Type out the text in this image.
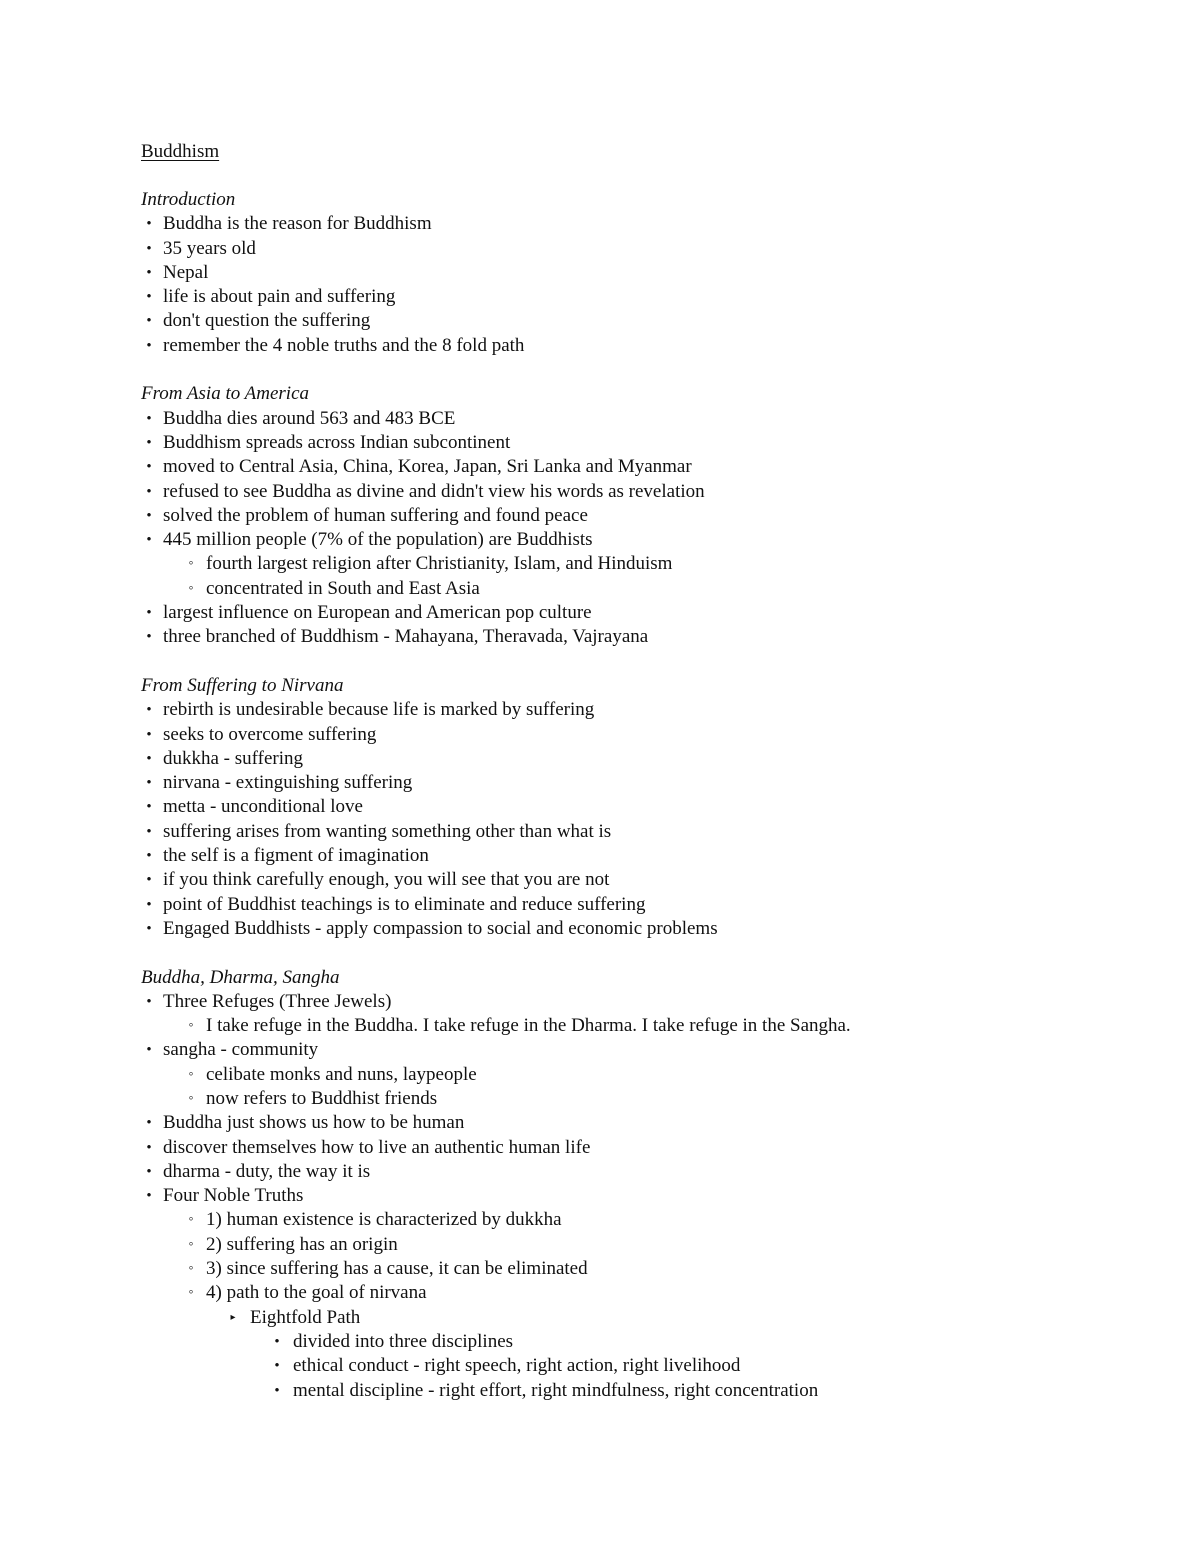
Buddhism
Introduction
• Buddha is the reason for Buddhism
• 35 years old
• Nepal
• life is about pain and suffering
• don't question the suffering
• remember the 4 noble truths and the 8 fold path
From Asia to America
• Buddha dies around 563 and 483 BCE
• Buddhism spreads across Indian subcontinent
• moved to Central Asia, China, Korea, Japan, Sri Lanka and Myanmar
• refused to see Buddha as divine and didn't view his words as revelation
• solved the problem of human suffering and found peace
• 445 million people (7% of the population) are Buddhists
◦ fourth largest religion after Christianity, Islam, and Hinduism
◦ concentrated in South and East Asia
• largest influence on European and American pop culture
• three branched of Buddhism - Mahayana, Theravada, Vajrayana
From Suffering to Nirvana
• rebirth is undesirable because life is marked by suffering
• seeks to overcome suffering
• dukkha - suffering
• nirvana - extinguishing suffering
• metta - unconditional love
• suffering arises from wanting something other than what is
• the self is a figment of imagination
• if you think carefully enough, you will see that you are not
• point of Buddhist teachings is to eliminate and reduce suffering
• Engaged Buddhists - apply compassion to social and economic problems
Buddha, Dharma, Sangha
• Three Refuges (Three Jewels)
◦ I take refuge in the Buddha. I take refuge in the Dharma. I take refuge in the Sangha.
• sangha - community
◦ celibate monks and nuns, laypeople
◦ now refers to Buddhist friends
• Buddha just shows us how to be human
• discover themselves how to live an authentic human life
• dharma - duty, the way it is
• Four Noble Truths
◦ 1) human existence is characterized by dukkha
◦ 2) suffering has an origin
◦ 3) since suffering has a cause, it can be eliminated
◦ 4) path to the goal of nirvana
▸ Eightfold Path
• divided into three disciplines
• ethical conduct - right speech, right action, right livelihood
• mental discipline - right effort, right mindfulness, right concentration
